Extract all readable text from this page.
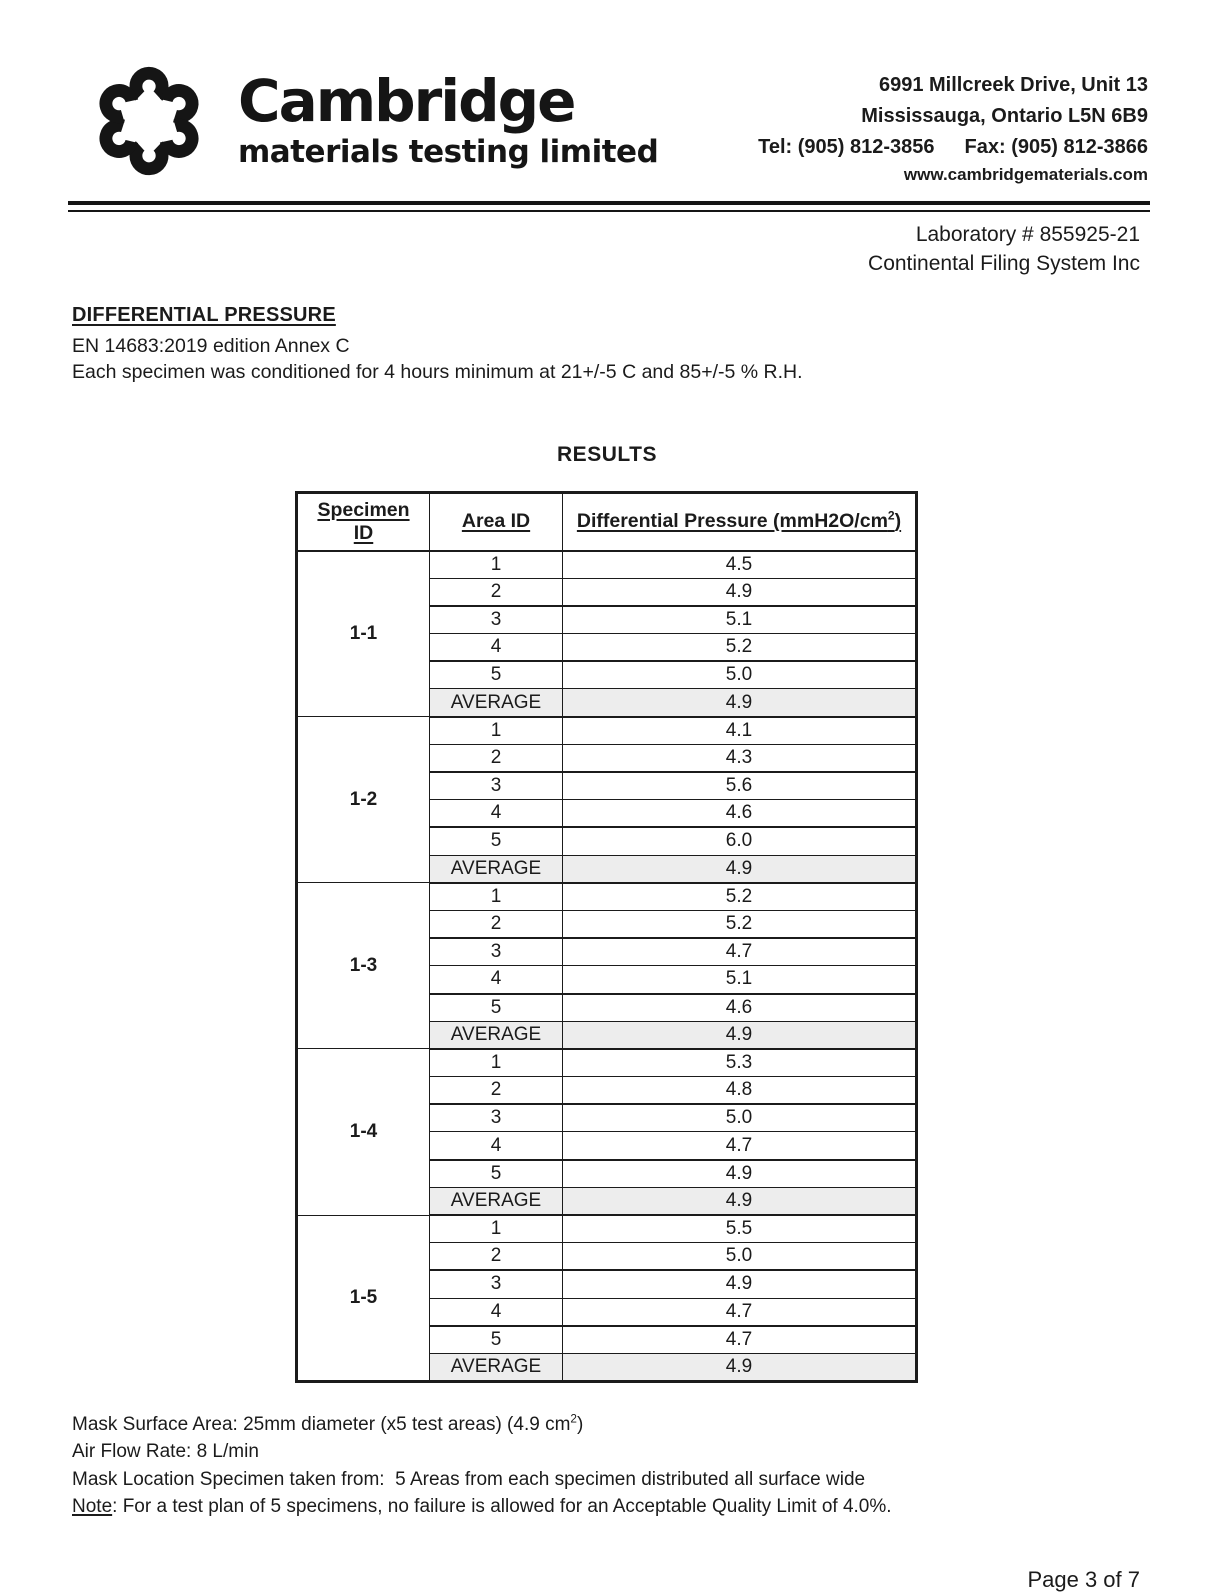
Cambridge
materials testing limited
6991 Millcreek Drive, Unit 13
Mississauga, Ontario L5N 6B9
Tel: (905) 812-3856 Fax: (905) 812-3866
www.cambridgematerials.com
Laboratory # 855925-21
Continental Filing System Inc
DIFFERENTIAL PRESSURE
EN 14683:2019 edition Annex C
Each specimen was conditioned for 4 hours minimum at 21+/-5 C and 85+/-5 % R.H.
RESULTS
Specimen
ID	Area ID	Differential Pressure $(mmH2O/cm^2)$
1-1	1	4.5
	2	4.9
	3	5.1
	4	5.2
	5	5.0
	AVERAGE	4.9
1-2	1	4.1
	2	4.3
	3	5.6
	4	4.6
	5	6.0
	AVERAGE	4.9
1-3	1	5.2
	2	5.2
	3	4.7
	4	5.1
	5	4.6
	AVERAGE	4.9
1-4	1	5.3
	2	4.8
	3	5.0
	4	4.7
	5	4.9
	AVERAGE	4.9
1-5	1	5.5
	2	5.0
	3	4.9
	4	4.7
	5	4.7
	AVERAGE	4.9
Mask Surface Area: 25mm diameter (x5 test areas) (4.9 $cm^2$)
Air Flow Rate: 8 L/min
Mask Location Specimen taken from:  5 Areas from each specimen distributed all surface wide
Note: For a test plan of 5 specimens, no failure is allowed for an Acceptable Quality Limit of 4.0%.
Page 3 of 7
